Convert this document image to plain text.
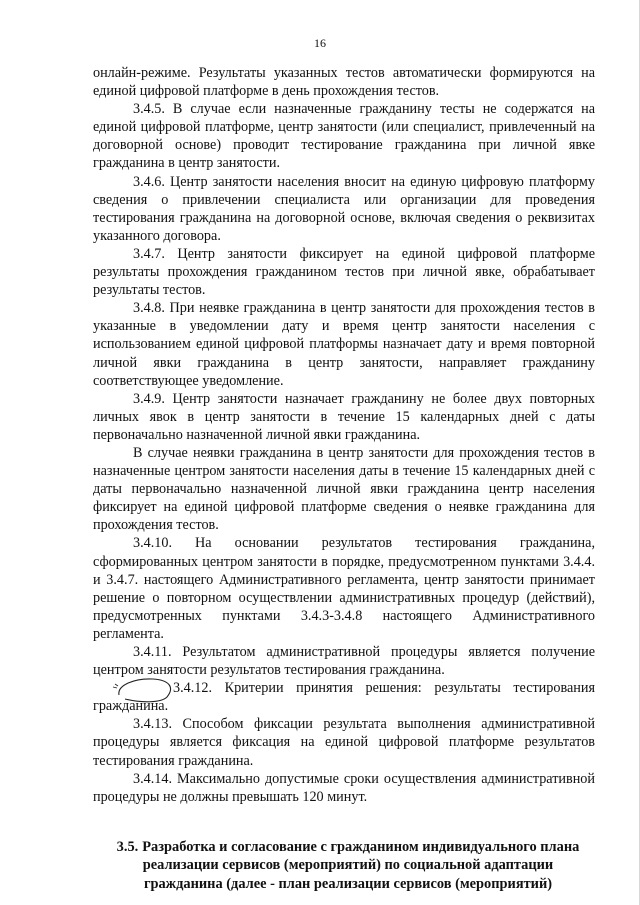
16

онлайн-режиме. Результаты указанных тестов автоматически формируются на единой цифровой платформе в день прохождения тестов.

3.4.5. В случае если назначенные гражданину тесты не содержатся на единой цифровой платформе, центр занятости (или специалист, привлеченный на договорной основе) проводит тестирование гражданина при личной явке гражданина в центр занятости.

3.4.6. Центр занятости населения вносит на единую цифровую платформу сведения о привлечении специалиста или организации для проведения тестирования гражданина на договорной основе, включая сведения о реквизитах указанного договора.

3.4.7. Центр занятости фиксирует на единой цифровой платформе результаты прохождения гражданином тестов при личной явке, обрабатывает результаты тестов.

3.4.8. При неявке гражданина в центр занятости для прохождения тестов в указанные в уведомлении дату и время центр занятости населения с использованием единой цифровой платформы назначает дату и время повторной личной явки гражданина в центр занятости, направляет гражданину соответствующее уведомление.

3.4.9. Центр занятости назначает гражданину не более двух повторных личных явок в центр занятости в течение 15 календарных дней с даты первоначально назначенной личной явки гражданина.

В случае неявки гражданина в центр занятости для прохождения тестов в назначенные центром занятости населения даты в течение 15 календарных дней с даты первоначально назначенной личной явки гражданина центр населения фиксирует на единой цифровой платформе сведения о неявке гражданина для прохождения тестов.

3.4.10. На основании результатов тестирования гражданина, сформированных центром занятости в порядке, предусмотренном пунктами 3.4.4. и 3.4.7. настоящего Административного регламента, центр занятости принимает решение о повторном осуществлении административных процедур (действий), предусмотренных пунктами 3.4.3-3.4.8 настоящего Административного регламента.

3.4.11. Результатом административной процедуры является получение центром занятости результатов тестирования гражданина.

3.4.12. Критерии принятия решения: результаты тестирования гражданина.

3.4.13. Способом фиксации результата выполнения административной процедуры является фиксация на единой цифровой платформе результатов тестирования гражданина.

3.4.14. Максимально допустимые сроки осуществления административной процедуры не должны превышать 120 минут.

3.5. Разработка и согласование с гражданином индивидуального плана реализации сервисов (мероприятий) по социальной адаптации гражданина (далее - план реализации сервисов (мероприятий)
